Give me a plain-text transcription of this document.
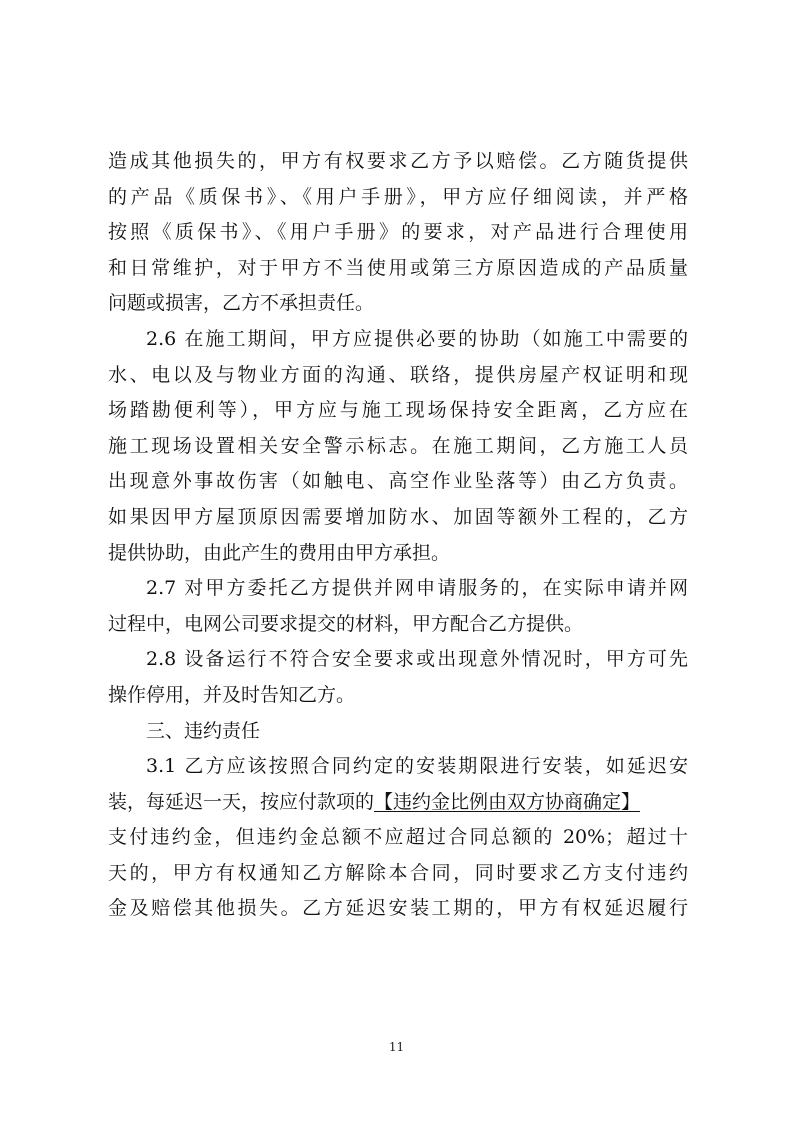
造成其他损失的，甲方有权要求乙方予以赔偿。乙方随货提供
的产品《质保书》、《用户手册》，甲方应仔细阅读，并严格
按照《质保书》、《用户手册》的要求，对产品进行合理使用
和日常维护，对于甲方不当使用或第三方原因造成的产品质量
问题或损害，乙方不承担责任。
2.6 在施工期间，甲方应提供必要的协助（如施工中需要的
水、电以及与物业方面的沟通、联络，提供房屋产权证明和现
场踏勘便利等），甲方应与施工现场保持安全距离，乙方应在
施工现场设置相关安全警示标志。在施工期间，乙方施工人员
出现意外事故伤害（如触电、高空作业坠落等）由乙方负责。
如果因甲方屋顶原因需要增加防水、加固等额外工程的，乙方
提供协助，由此产生的费用由甲方承担。
2.7 对甲方委托乙方提供并网申请服务的，在实际申请并网
过程中，电网公司要求提交的材料，甲方配合乙方提供。
2.8 设备运行不符合安全要求或出现意外情况时，甲方可先
操作停用，并及时告知乙方。
三、违约责任
3.1 乙方应该按照合同约定的安装期限进行安装，如延迟安
装，每延迟一天，按应付款项的【违约金比例由双方协商确定】
支付违约金，但违约金总额不应超过合同总额的 20%；超过十
天的，甲方有权通知乙方解除本合同，同时要求乙方支付违约
金及赔偿其他损失。乙方延迟安装工期的，甲方有权延迟履行
11
